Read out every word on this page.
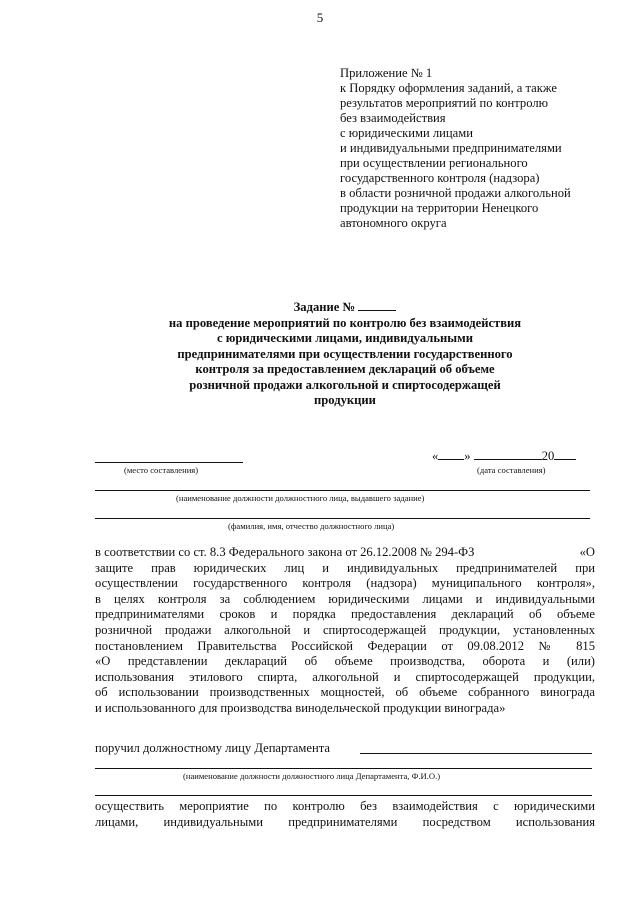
5
Приложение № 1
к Порядку оформления заданий, а также
результатов мероприятий по контролю
без взаимодействия
с юридическими лицами
и индивидуальными предпринимателями
при осуществлении регионального
государственного контроля (надзора)
в области розничной продажи алкогольной
продукции на территории Ненецкого
автономного округа
Задание №
на проведение мероприятий по контролю без взаимодействия
с юридическими лицами, индивидуальными
предпринимателями при осуществлении государственного
контроля за предоставлением деклараций об объеме
розничной продажи алкогольной и спиртосодержащей
продукции
(место составления)
« »	20
(дата составления)
(наименование должности должностного лица, выдавшего задание)
(фамилия, имя, отчество должностного лица)
в соответствии со ст. 8.3 Федерального закона от 26.12.2008 № 294-ФЗ	«О
защите прав юридических лиц и индивидуальных предпринимателей при
осуществлении государственного контроля (надзора) муниципального контроля»,
в целях контроля за соблюдением юридическими лицами и индивидуальными
предпринимателями сроков и порядка предоставления деклараций об объеме
розничной продажи алкогольной и спиртосодержащей продукции, установленных
постановлением Правительства Российской Федерации от 09.08.2012 № 815
«О представлении деклараций об объеме производства, оборота и (или)
использования этилового спирта, алкогольной и спиртосодержащей продукции,
об использовании производственных мощностей, об объеме собранного винограда
и использованного для производства винодельческой продукции винограда»
поручил должностному лицу Департамента
(наименование должности должностного лица Департамента, Ф.И.О.)
осуществить мероприятие по контролю без взаимодействия с юридическими
лицами, индивидуальными предпринимателями посредством использования
